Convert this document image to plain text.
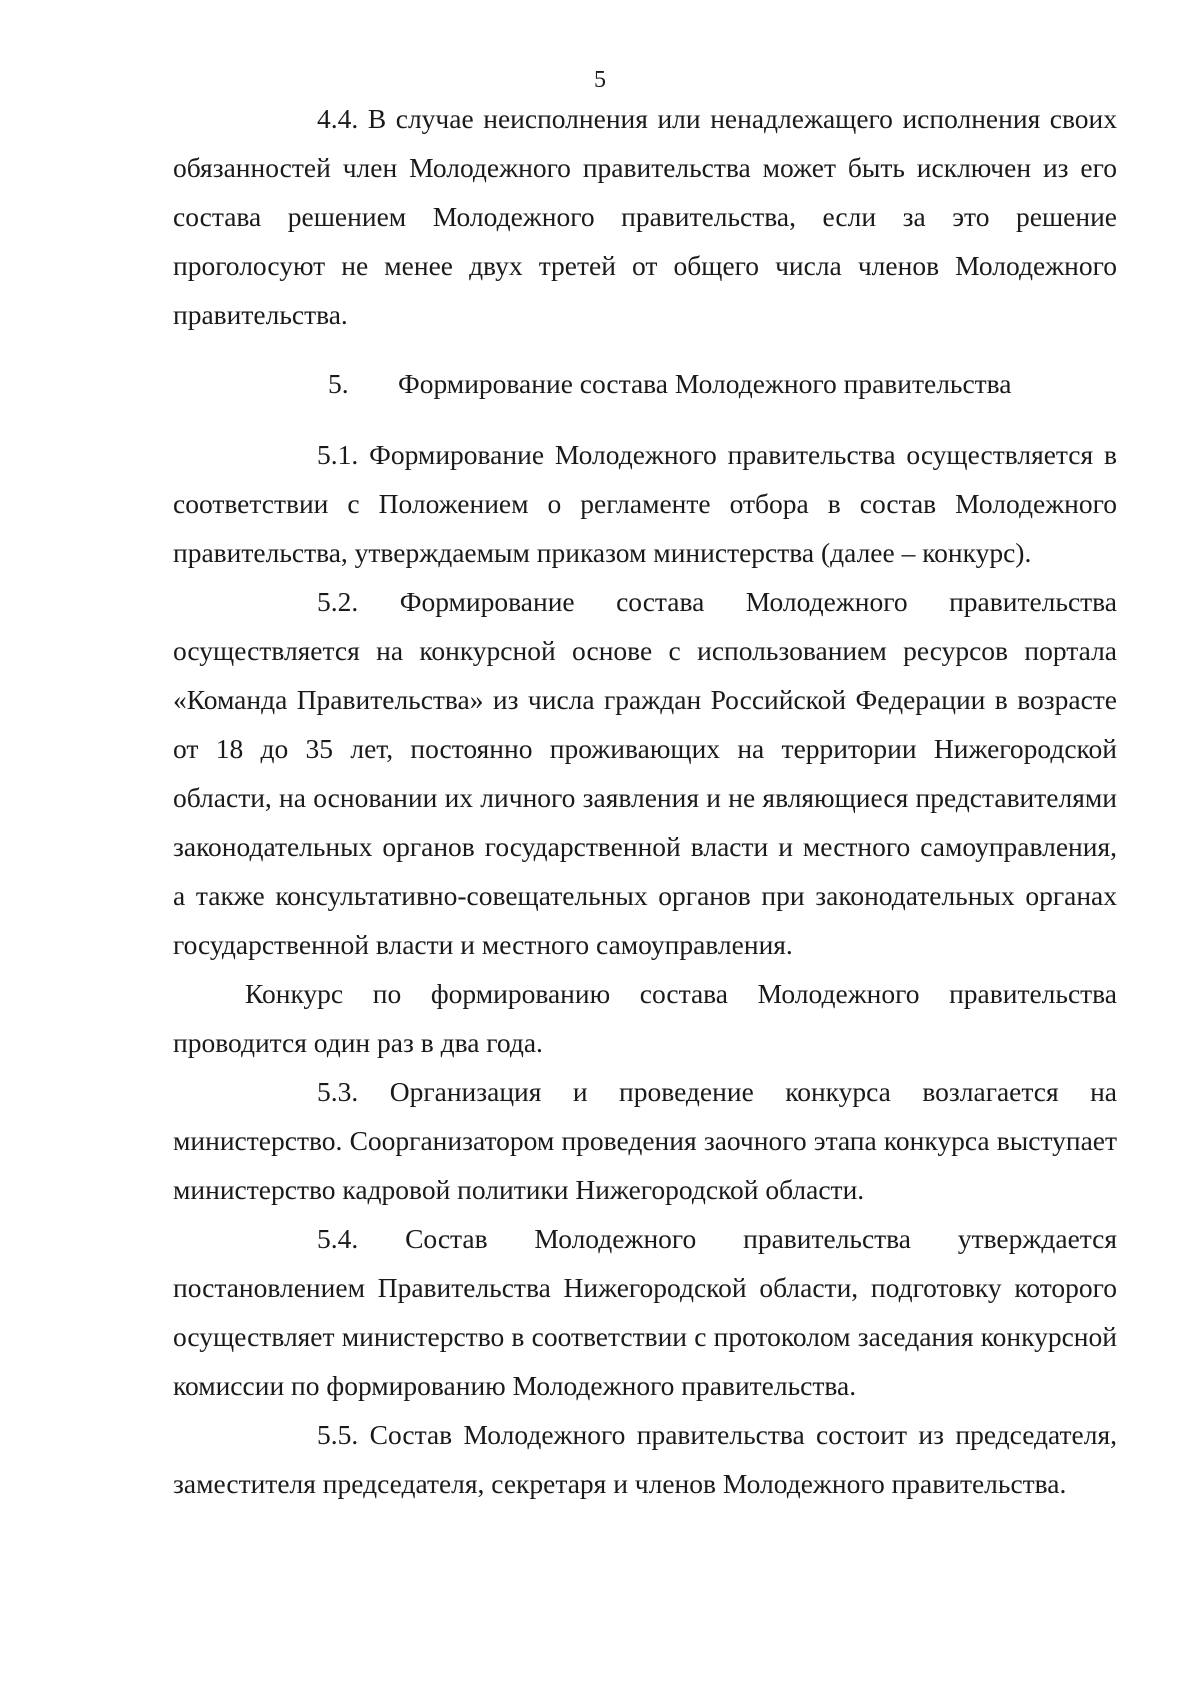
5

4.4. В случае неисполнения или ненадлежащего исполнения своих обязанностей член Молодежного правительства может быть исключен из его состава решением Молодежного правительства, если за это решение проголосуют не менее двух третей от общего числа членов Молодежного правительства.

5. Формирование состава Молодежного правительства

5.1. Формирование Молодежного правительства осуществляется в соответствии с Положением о регламенте отбора в состав Молодежного правительства, утверждаемым приказом министерства (далее – конкурс).

5.2. Формирование состава Молодежного правительства осуществляется на конкурсной основе с использованием ресурсов портала «Команда Правительства» из числа граждан Российской Федерации в возрасте от 18 до 35 лет, постоянно проживающих на территории Нижегородской области, на основании их личного заявления и не являющиеся представителями законодательных органов государственной власти и местного самоуправления, а также консультативно-совещательных органов при законодательных органах государственной власти и местного самоуправления.

Конкурс по формированию состава Молодежного правительства проводится один раз в два года.

5.3. Организация и проведение конкурса возлагается на министерство. Соорганизатором проведения заочного этапа конкурса выступает министерство кадровой политики Нижегородской области.

5.4. Состав Молодежного правительства утверждается постановлением Правительства Нижегородской области, подготовку которого осуществляет министерство в соответствии с протоколом заседания конкурсной комиссии по формированию Молодежного правительства.

5.5. Состав Молодежного правительства состоит из председателя, заместителя председателя, секретаря и членов Молодежного правительства.
